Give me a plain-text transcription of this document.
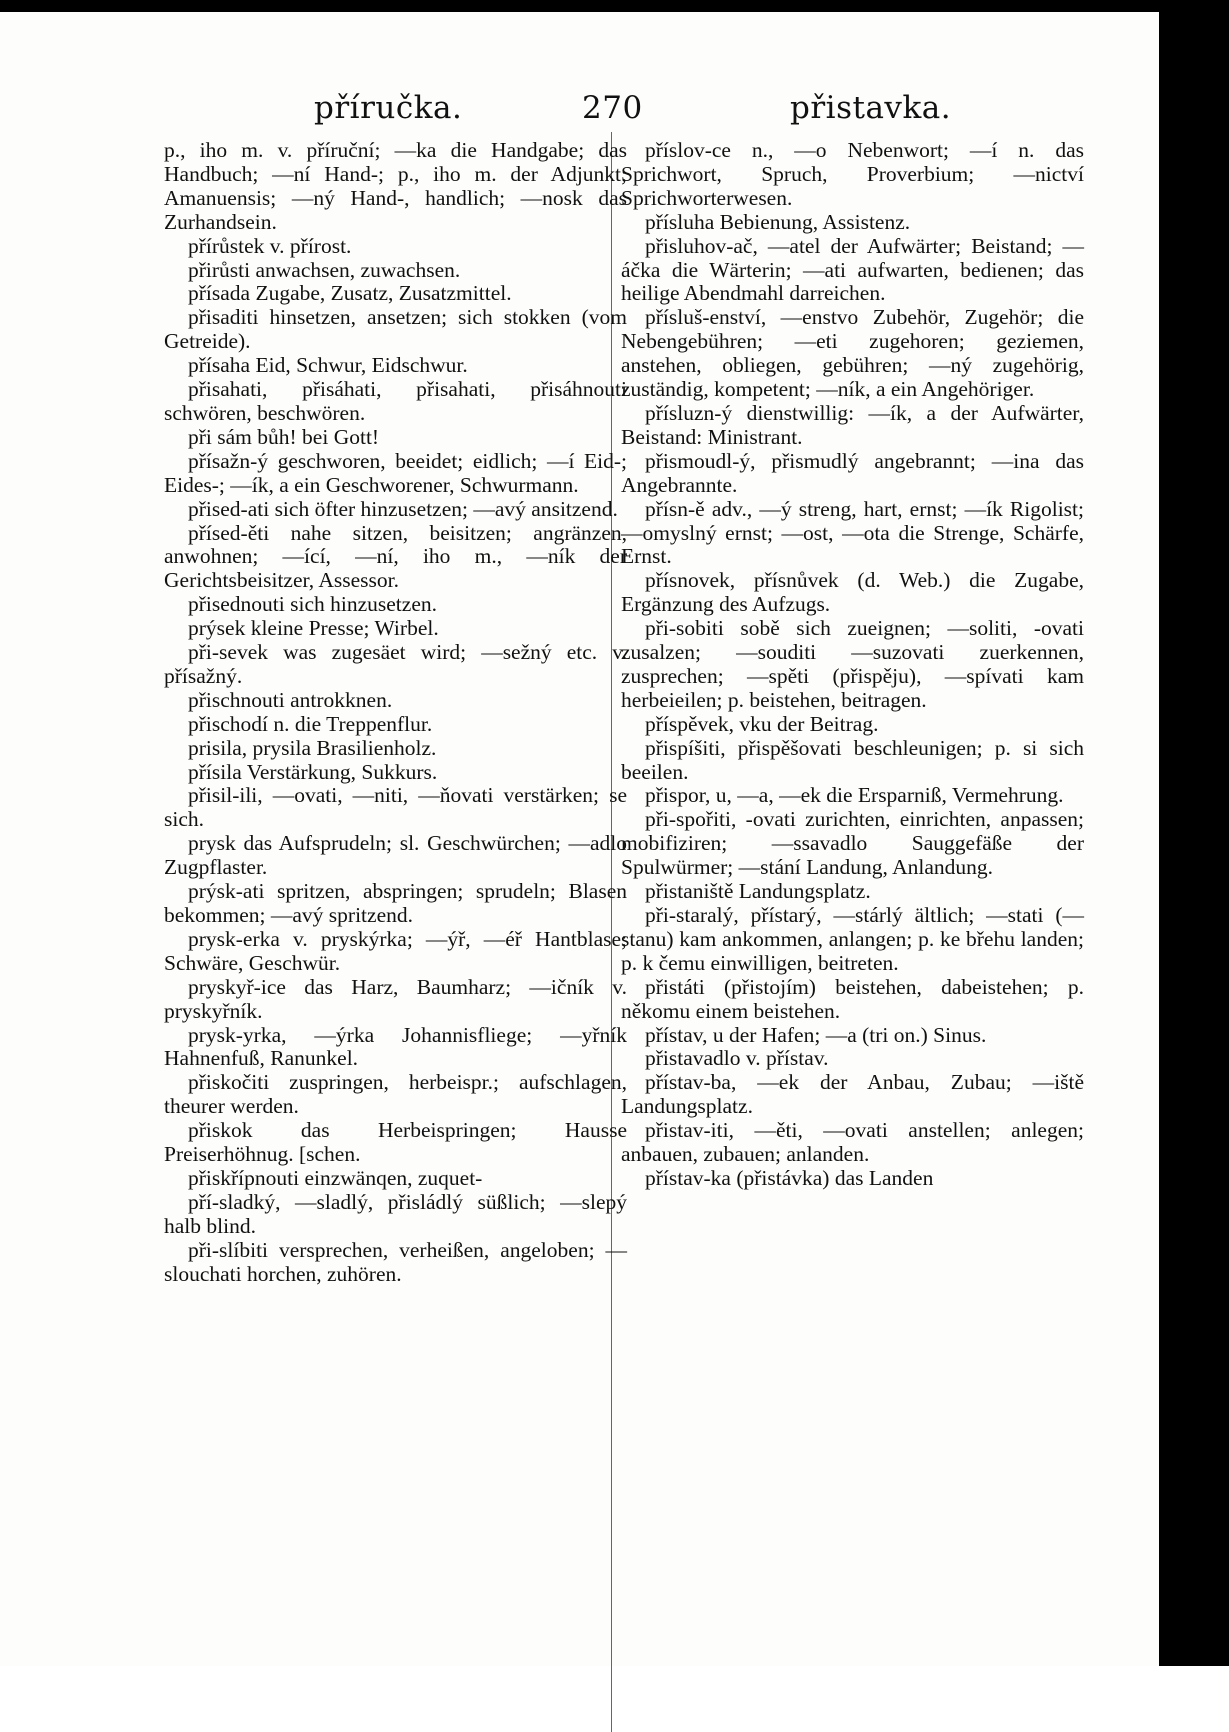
příručka.	270	přistavka.

p., iho m. v. příruční; —ka die Handgabe; das Handbuch; —ní Hand-; p., iho m. der Adjunkt; Amanuensis; —ný Hand-, handlich; —nosk das Zurhandsein.

přírůstek v. přírost.

přirůsti anwachsen, zuwachsen.

přísada Zugabe, Zusatz, Zusatzmittel.

přisaditi hinsetzen, ansetzen; sich stokken (vom Getreide).

přísaha Eid, Schwur, Eidschwur.

přisahati, přisáhati, přisahati, přisáhnouti schwören, beschwören.

při sám bůh! bei Gott!

přísažn-ý geschworen, beeidet; eidlich; —í Eid-; Eides-; —ík, a ein Geschworener, Schwurmann.

přised-ati sich öfter hinzusetzen; —avý ansitzend.

přísed-ěti nahe sitzen, beisitzen; angränzen, anwohnen; —ící, —ní, iho m., —ník der Gerichtsbeisitzer, Assessor.

přisednouti sich hinzusetzen.

prýsek kleine Presse; Wirbel.

při-sevek was zugesäet wird; —sežný etc. v. přísažný.

přischnouti antrokknen.

přischodí n. die Treppenflur.

prisila, prysila Brasilienholz.

přísila Verstärkung, Sukkurs.

přisil-ili, —ovati, —niti, —ňovati verstärken; se sich.

prysk das Aufsprudeln; sl. Geschwürchen; —adlo Zugpflaster.

prýsk-ati spritzen, abspringen; sprudeln; Blasen bekommen; —avý spritzend.

prysk-erka v. pryskýrka; —ýř, —éř Hantblase; Schwäre, Geschwür.

pryskyř-ice das Harz, Baumharz; —ičník v. pryskyřník.

prysk-yrka, —ýrka Johannisfliege; —yřník Hahnenfuß, Ranunkel.

přiskočiti zuspringen, herbeispr.; aufschlagen, theurer werden.

přiskok das Herbeispringen; Hausse Preiserhöhnug. [schen.

přiskřípnouti einzwänqen, zuquet-

pří-sladký, —sladlý, přisládlý süßlich; —slepý halb blind.

při-slíbiti versprechen, verheißen, angeloben; —slouchati horchen, zuhören.

příslov-ce n., —o Nebenwort; —í n. das Sprichwort, Spruch, Proverbium; —nictví Sprichworterwesen.

přísluha Bebienung, Assistenz.

přisluhov-ač, —atel der Aufwärter; Beistand; —áčka die Wärterin; —ati aufwarten, bedienen; das heilige Abendmahl darreichen.

přísluš-enství, —enstvo Zubehör, Zugehör; die Nebengebühren; —eti zugehoren; geziemen, anstehen, obliegen, gebühren; —ný zugehörig, zuständig, kompetent; —ník, a ein Angehöriger.

přísluzn-ý dienstwillig: —ík, a der Aufwärter, Beistand: Ministrant.

přismoudl-ý, přismudlý angebrannt; —ina das Angebrannte.

přísn-ě adv., —ý streng, hart, ernst; —ík Rigolist; —omyslný ernst; —ost, —ota die Strenge, Schärfe, Ernst.

přísnovek, přísnůvek (d. Web.) die Zugabe, Ergänzung des Aufzugs.

při-sobiti sobě sich zueignen; —soliti, -ovati zusalzen; —souditi —suzovati zuerkennen, zusprechen; —spěti (přispěju), —spívati kam herbeieilen; p. beistehen, beitragen.

příspěvek, vku der Beitrag.

přispíšiti, přispěšovati beschleunigen; p. si sich beeilen.

přispor, u, —a, —ek die Ersparniß, Vermehrung.

při-spořiti, -ovati zurichten, einrichten, anpassen; mobifiziren; —ssavadlo Sauggefäße der Spulwürmer; —stání Landung, Anlandung.

přistaniště Landungsplatz.

při-staralý, přístarý, —stárlý ältlich; —stati (—stanu) kam ankommen, anlangen; p. ke břehu landen; p. k čemu einwilligen, beitreten.

přistáti (přistojím) beistehen, dabeistehen; p. někomu einem beistehen.

přístav, u der Hafen; —a (tri on.) Sinus.

přistavadlo v. přístav.

přístav-ba, —ek der Anbau, Zubau; —iště Landungsplatz.

přistav-iti, —ěti, —ovati anstellen; anlegen; anbauen, zubauen; anlanden.

přístav-ka (přistávka) das Landen
